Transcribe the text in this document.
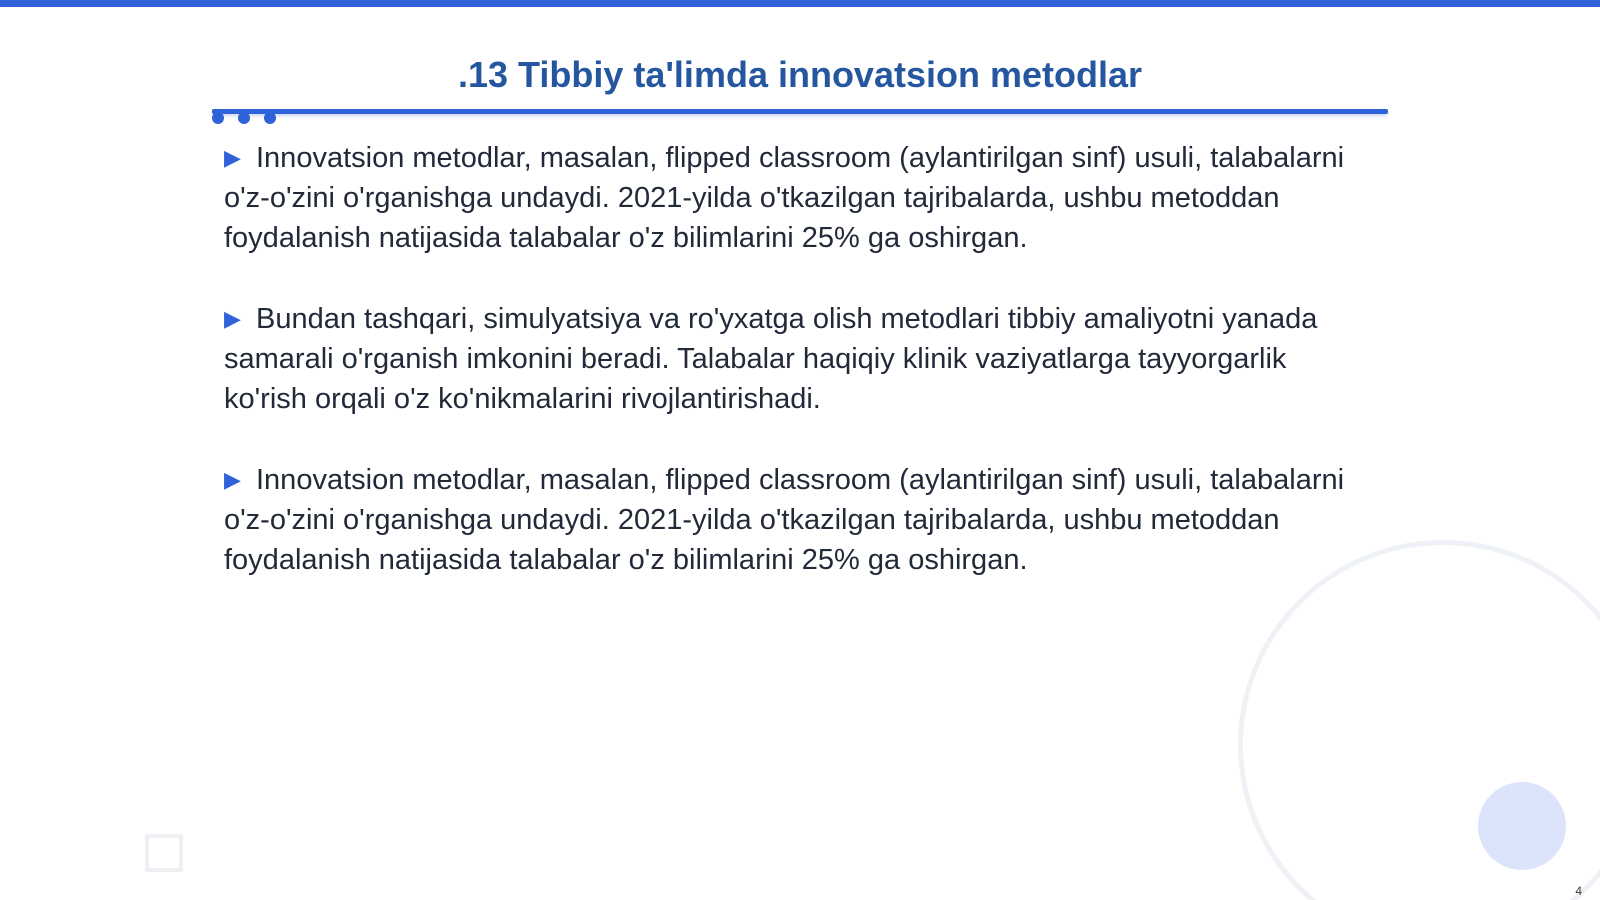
.13 Tibbiy ta'limda innovatsion metodlar

▶ Innovatsion metodlar, masalan, flipped classroom (aylantirilgan sinf) usuli, talabalarni o'z-o'zini o'rganishga undaydi. 2021-yilda o'tkazilgan tajribalarda, ushbu metoddan foydalanish natijasida talabalar o'z bilimlarini 25% ga oshirgan.

▶ Bundan tashqari, simulyatsiya va ro'yxatga olish metodlari tibbiy amaliyotni yanada samarali o'rganish imkonini beradi. Talabalar haqiqiy klinik vaziyatlarga tayyorgarlik ko'rish orqali o'z ko'nikmalarini rivojlantirishadi.

▶ Innovatsion metodlar, masalan, flipped classroom (aylantirilgan sinf) usuli, talabalarni o'z-o'zini o'rganishga undaydi. 2021-yilda o'tkazilgan tajribalarda, ushbu metoddan foydalanish natijasida talabalar o'z bilimlarini 25% ga oshirgan.

4
